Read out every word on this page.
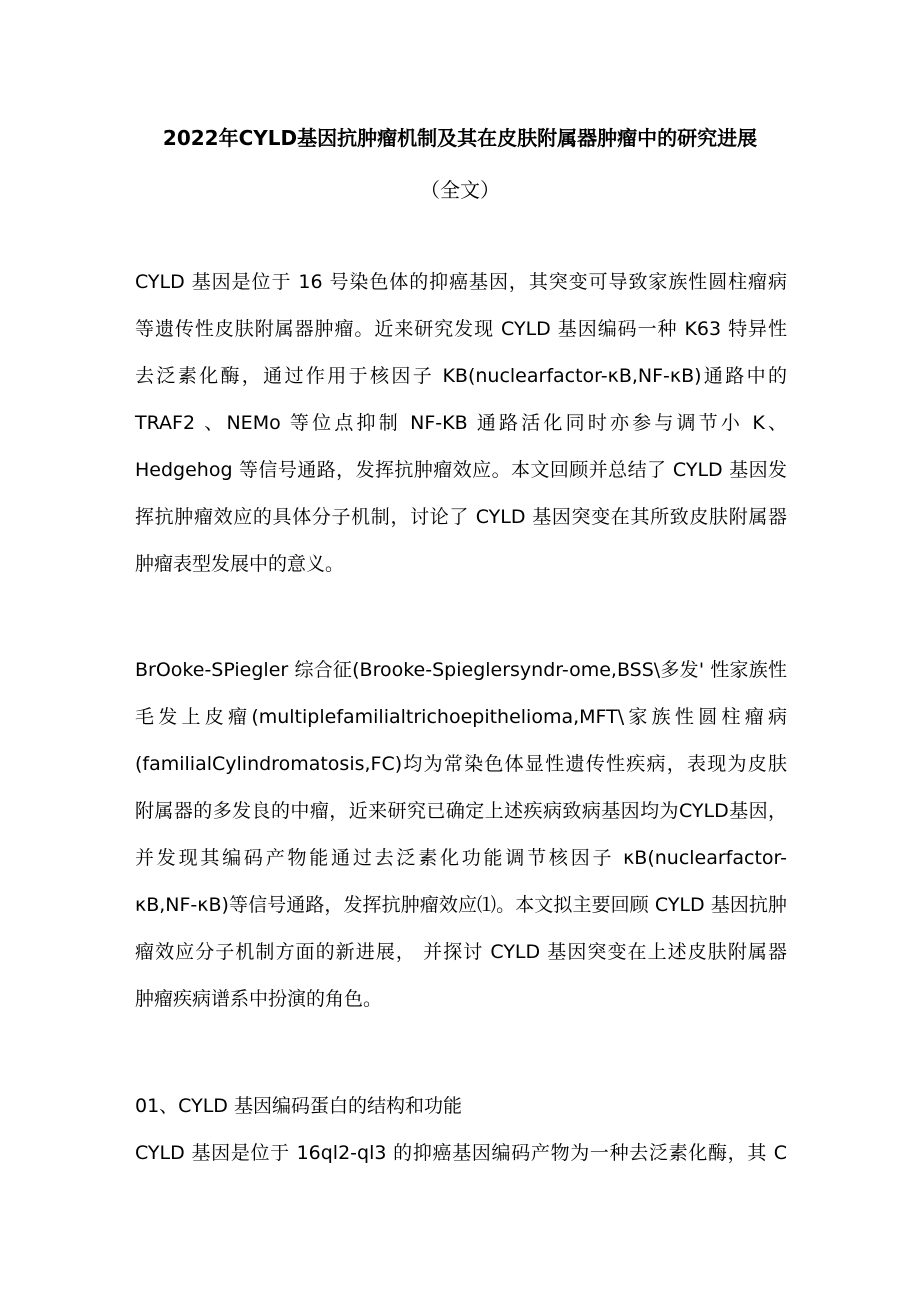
2022年CYLD基因抗肿瘤机制及其在皮肤附属器肿瘤中的研究进展
（全文）
CYLD 基因是位于 16 号染色体的抑癌基因，其突变可导致家族性圆柱瘤病
等遗传性皮肤附属器肿瘤。近来研究发现 CYLD 基因编码一种 K63 特异性
去泛素化酶，通过作用于核因子 KB(nuclearfactor-κB,NF-κB)通路中的
TRAF2 、NEMo 等位点抑制 NF-KB 通路活化同时亦参与调节小 K、
Hedgehog 等信号通路，发挥抗肿瘤效应。本文回顾并总结了 CYLD 基因发
挥抗肿瘤效应的具体分子机制，讨论了 CYLD 基因突变在其所致皮肤附属器
肿瘤表型发展中的意义。
BrOoke-SPiegler 综合征(Brooke-Spieglersyndr-ome,BSS\多发' 性家族性
毛发上皮瘤(multiplefamilialtrichoepithelioma,MFT\家族性圆柱瘤病
(familialCylindromatosis,FC)均为常染色体显性遗传性疾病，表现为皮肤
附属器的多发良的中瘤，近来研究已确定上述疾病致病基因均为CYLD基因，
并发现其编码产物能通过去泛素化功能调节核因子 κB(nuclearfactor-
κB,NF-κB)等信号通路，发挥抗肿瘤效应⑴。本文拟主要回顾 CYLD 基因抗肿
瘤效应分子机制方面的新进展， 并探讨 CYLD 基因突变在上述皮肤附属器
肿瘤疾病谱系中扮演的角色。
01、CYLD 基因编码蛋白的结构和功能
CYLD 基因是位于 16ql2-ql3 的抑癌基因编码产物为一种去泛素化酶，其 C
